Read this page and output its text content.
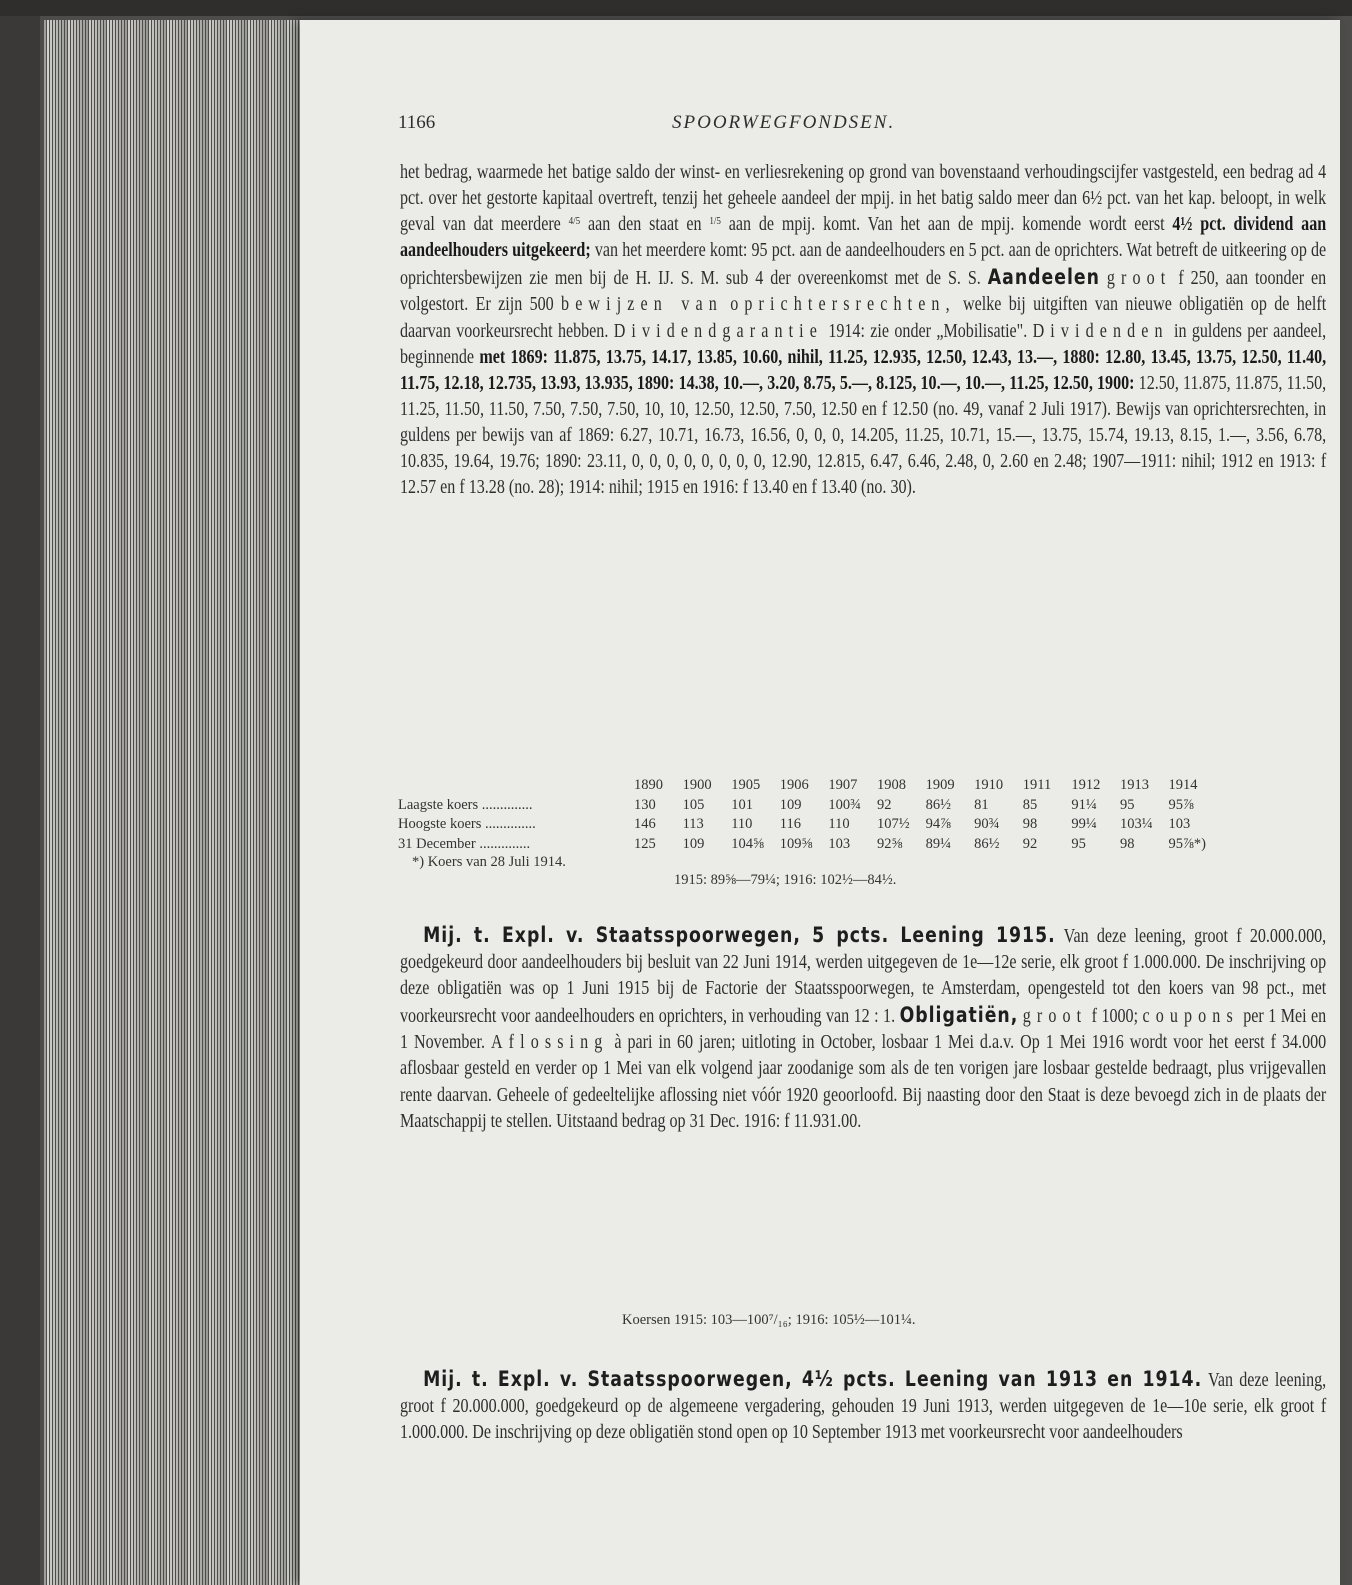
1166	SPOORWEGFONDSEN.

het bedrag, waarmede het batige saldo der winst- en verliesrekening op grond van bovenstaand verhoudingscijfer vastgesteld, een bedrag ad 4 pct. over het gestorte kapitaal overtreft, tenzij het geheele aandeel der mpij. in het batig saldo meer dan 6½ pct. van het kap. beloopt, in welk geval van dat meerdere $^{4/5}$ aan den staat en $^{1/5}$ aan de mpij. komt. Van het aan de mpij. komende wordt eerst 4½ pct. dividend aan aandeelhouders uitgekeerd; van het meerdere komt: 95 pct. aan de aandeelhouders en 5 pct. aan de oprichters. Wat betreft de uitkeering op de oprichtersbewijzen zie men bij de H. IJ. S. M. sub 4 der overeenkomst met de S. S. Aandeelen groot f 250, aan toonder en volgestort. Er zijn 500 bewijzen van oprichtersrechten, welke bij uitgiften van nieuwe obligatiën op de helft daarvan voorkeursrecht hebben. Dividendgarantie 1914: zie onder „Mobilisatie". Dividenden in guldens per aandeel, beginnende met 1869: 11.875, 13.75, 14.17, 13.85, 10.60, nihil, 11.25, 12.935, 12.50, 12.43, 13.—, 1880: 12.80, 13.45, 13.75, 12.50, 11.40, 11.75, 12.18, 12.735, 13.93, 13.935, 1890: 14.38, 10.—, 3.20, 8.75, 5.—, 8.125, 10.—, 10.—, 11.25, 12.50, 1900: 12.50, 11.875, 11.875, 11.50, 11.25, 11.50, 11.50, 7.50, 7.50, 7.50, 10, 10, 12.50, 12.50, 7.50, 12.50 en f 12.50 (no. 49, vanaf 2 Juli 1917). Bewijs van oprichtersrechten, in guldens per bewijs van af 1869: 6.27, 10.71, 16.73, 16.56, 0, 0, 0, 14.205, 11.25, 10.71, 15.—, 13.75, 15.74, 19.13, 8.15, 1.—, 3.56, 6.78, 10.835, 19.64, 19.76; 1890: 23.11, 0, 0, 0, 0, 0, 0, 0, 0, 12.90, 12.815, 6.47, 6.46, 2.48, 0, 2.60 en 2.48; 1907—1911: nihil; 1912 en 1913: f 12.57 en f 13.28 (no. 28); 1914: nihil; 1915 en 1916: f 13.40 en f 13.40 (no. 30).

	1890	1900	1905	1906	1907	1908	1909	1910	1911	1912	1913	1914
Laagste koers ..............	130	105	101	109	100¾	92	86½	81	85	91¼	95	95⅞
Hoogste koers ..............	146	113	110	116	110	107½	94⅞	90¾	98	99¼	103¼	103
31 December ..............	125	109	104⅝	109⅝	103	92⅝	89¼	86½	92	95	98	95⅞*)
*) Koers van 28 Juli 1914.
1915: 89⅝—79¼; 1916: 102½—84½.

Mij. t. Expl. v. Staatsspoorwegen, 5 pcts. Leening 1915. Van deze leening, groot f 20.000.000, goedgekeurd door aandeelhouders bij besluit van 22 Juni 1914, werden uitgegeven de 1e—12e serie, elk groot f 1.000.000. De inschrijving op deze obligatiën was op 1 Juni 1915 bij de Factorie der Staatsspoorwegen, te Amsterdam, opengesteld tot den koers van 98 pct., met voorkeursrecht voor aandeelhouders en oprichters, in verhouding van 12 : 1. Obligatiën, groot f 1000; coupons per 1 Mei en 1 November. Aflossing à pari in 60 jaren; uitloting in October, losbaar 1 Mei d.a.v. Op 1 Mei 1916 wordt voor het eerst f 34.000 aflosbaar gesteld en verder op 1 Mei van elk volgend jaar zoodanige som als de ten vorigen jare losbaar gestelde bedraagt, plus vrijgevallen rente daarvan. Geheele of gedeeltelijke aflossing niet vóór 1920 geoorloofd. Bij naasting door den Staat is deze bevoegd zich in de plaats der Maatschappij te stellen. Uitstaand bedrag op 31 Dec. 1916: f 11.931.00.

Koersen 1915: 103—100⁷/₁₆; 1916: 105½—101¼.

Mij. t. Expl. v. Staatsspoorwegen, 4½ pcts. Leening van 1913 en 1914. Van deze leening, groot f 20.000.000, goedgekeurd op de algemeene vergadering, gehouden 19 Juni 1913, werden uitgegeven de 1e—10e serie, elk groot f 1.000.000. De inschrijving op deze obligatiën stond open op 10 September 1913 met voorkeursrecht voor aandeelhouders
